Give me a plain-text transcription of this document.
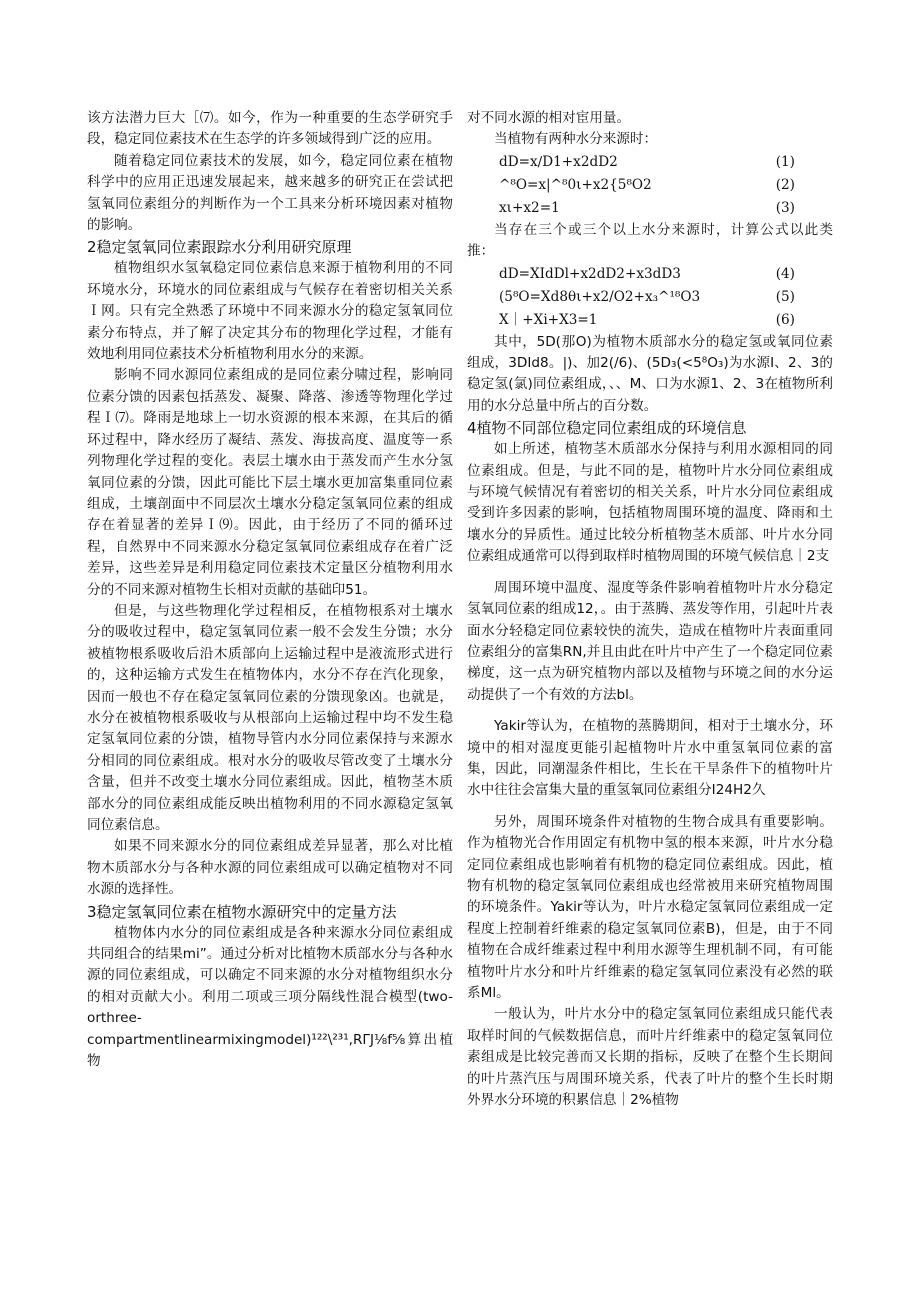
该方法潜力巨大［⑺。如今，作为一种重要的生态学研究手段，稳定同位素技术在生态学的许多领域得到广泛的应用。

随着稳定同位素技术的发展，如今，稳定同位素在植物科学中的应用正迅速发展起来，越来越多的研究正在尝试把氢氧同位素组分的判断作为一个工具来分析环境因素对植物的影响。

2稳定氢氧同位素跟踪水分利用研究原理

植物组织水氢氧稳定同位素信息来源于植物利用的不同环境水分，环境水的同位素组成与气候存在着密切相关关系Ｉ网。只有完全熟悉了环境中不同来源水分的稳定氢氧同位素分布特点，并了解了决定其分布的物理化学过程，才能有效地利用同位素技术分析植物利用水分的来源。

影响不同水源同位素组成的是同位素分啸过程，影响同位素分馈的因素包括蒸发、凝聚、降落、渗透等物理化学过程Ｉ⑺。降雨是地球上一切水资源的根本来源，在其后的循环过程中，降水经历了凝结、蒸发、海拔高度、温度等一系列物理化学过程的变化。表层土壤水由于蒸发而产生水分氢氧同位素的分馈，因此可能比下层土壤水更加富集重同位素组成，土壤剖面中不同层次土壤水分稳定氢氧同位素的组成存在着显著的差异Ｉ⑼。因此，由于经历了不同的循环过程，自然界中不同来源水分稳定氢氧同位素组成存在着广泛差异，这些差异是利用稳定同位素技术定量区分植物利用水分的不同来源对植物生长相对贡献的基础印51。

但是，与这些物理化学过程相反，在植物根系对土壤水分的吸收过程中，稳定氢氧同位素一般不会发生分馈；水分被植物根系吸收后沿木质部向上运输过程中是液流形式进行的，这种运输方式发生在植物体内，水分不存在汽化现象，因而一般也不存在稳定氢氧同位素的分馈现象凶。也就是，水分在被植物根系吸收与从根部向上运输过程中均不发生稳定氢氧同位素的分馈，植物导管内水分同位素保持与来源水分相同的同位素组成。根对水分的吸收尽管改变了土壤水分含量，但并不改变土壤水分同位素组成。因此，植物茎木质部水分的同位素组成能反映出植物利用的不同水源稳定氢氧同位素信息。

如果不同来源水分的同位素组成差异显著，那么对比植物木质部水分与各种水源的同位素组成可以确定植物对不同水源的选择性。

3稳定氢氧同位素在植物水源研究中的定量方法

植物体内水分的同位素组成是各种来源水分同位素组成共同组合的结果mi”。通过分析对比植物木质部水分与各种水源的同位素组成，可以确定不同来源的水分对植物组织水分的相对贡献大小。利用二项或三项分隔线性混合模型(two-orthree-compartmentlinearmixingmodel)¹²²\²³¹,RΓJ⅛f⅝算出植物

对不同水源的相对宦用量。

当植物有两种水分来源时：

dD=x∕D1+x2dD2	(1)
^⁸O=x|^⁸0ι+x2{5⁸O2	(2)
xι+x2=1	(3)

当存在三个或三个以上水分来源时，计算公式以此类推：

dD=XIdDl+x2dD2+x3dD3	(4)
(5⁸O=Xd8θι+x2/O2+x₃^¹⁸O3	(5)
X｜+Xi+X3=1	(6)

其中，5D(那O)为植物木质部水分的稳定氢或氧同位素组成，3DId8。|)、加2(/6)、(5D₃(<5⁸O₃)为水源I、2、3的稳定氢(氯)同位素组成，、、M、口为水源1、2、3在植物所利用的水分总量中所占的百分数。

4植物不同部位稳定同位素组成的环境信息

如上所述，植物茎木质部水分保持与利用水源相同的同位素组成。但是，与此不同的是，植物叶片水分同位素组成与环境气候情况有着密切的相关关系，叶片水分同位素组成受到许多因素的影响，包括植物周围环境的温度、降雨和土壤水分的异质性。通过比较分析植物茎木质部、叶片水分同位素组成通常可以得到取样时植物周围的环境气候信息｜2支

周围环境中温度、湿度等条件影响着植物叶片水分稳定氢氧同位素的组成12，。由于蒸腾、蒸发等作用，引起叶片表面水分轻稳定同位素较快的流失，造成在植物叶片表面重同位素组分的富集RN,并且由此在叶片中产生了一个稳定同位素梯度，这一点为研究植物内部以及植物与环境之间的水分运动提供了一个有效的方法bl。

Yakir等认为，在植物的蒸腾期间，相对于土壤水分，环境中的相对湿度更能引起植物叶片水中重氢氧同位素的富集，因此，同潮湿条件相比，生长在干旱条件下的植物叶片水中往往会富集大量的重氢氧同位素组分I24H2久

另外，周围环境条件对植物的生物合成具有重要影响。作为植物光合作用固定有机物中氢的根本来源，叶片水分稳定同位素组成也影响着有机物的稳定同位素组成。因此，植物有机物的稳定氢氧同位素组成也经常被用来研究植物周围的环境条件。Yakir等认为，叶片水稳定氢氧同位素组成一定程度上控制着纤维素的稳定氢氧同位素B)，但是，由于不同植物在合成纤维素过程中利用水源等生理机制不同，有可能植物叶片水分和叶片纤维素的稳定氢氧同位素没有必然的联系Ml。

一般认为，叶片水分中的稳定氢氧同位素组成只能代表取样时间的气候数据信息，而叶片纤维素中的稳定氢氧同位素组成是比较完善而又长期的指标，反映了在整个生长期间的叶片蒸汽压与周围环境关系，代表了叶片的整个生长时期外界水分环境的积累信息｜2%植物
